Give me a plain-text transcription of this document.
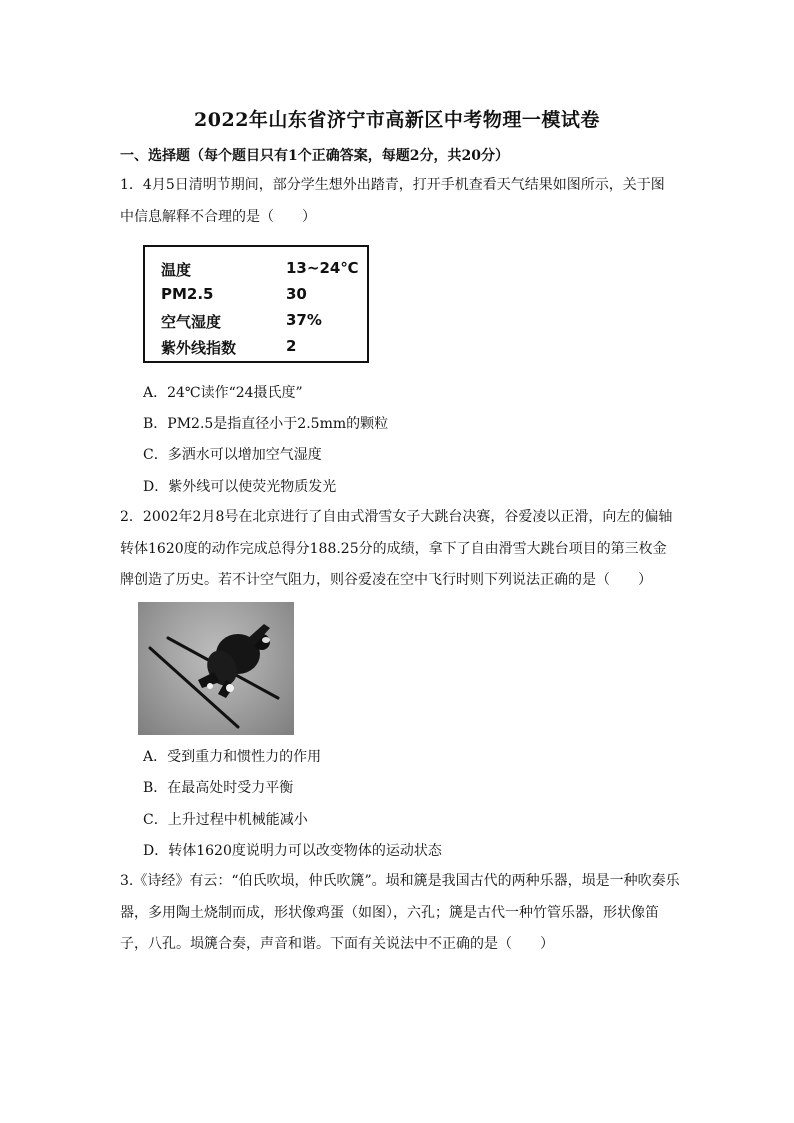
2022年山东省济宁市高新区中考物理一模试卷
一、选择题（每个题目只有1个正确答案，每题2分，共20分）
1．4月5日清明节期间，部分学生想外出踏青，打开手机查看天气结果如图所示，关于图
中信息解释不合理的是（　　）
温度	13~24℃
PM2.5	30
空气湿度	37%
紫外线指数	2
A．24℃读作“24摄氏度”
B．PM2.5是指直径小于2.5mm的颗粒
C．多洒水可以增加空气湿度
D．紫外线可以使荧光物质发光
2．2002年2月8号在北京进行了自由式滑雪女子大跳台决赛，谷爱凌以正滑，向左的偏轴
转体1620度的动作完成总得分188.25分的成绩，拿下了自由滑雪大跳台项目的第三枚金
牌创造了历史。若不计空气阻力，则谷爱凌在空中飞行时则下列说法正确的是（　　）
A．受到重力和惯性力的作用
B．在最高处时受力平衡
C．上升过程中机械能减小
D．转体1620度说明力可以改变物体的运动状态
3.《诗经》有云：“伯氏吹埙，仲氏吹篪”。埙和篪是我国古代的两种乐器，埙是一种吹奏乐
器，多用陶土烧制而成，形状像鸡蛋（如图），六孔；篪是古代一种竹管乐器，形状像笛
子，八孔。埙篪合奏，声音和谐。下面有关说法中不正确的是（　　）
